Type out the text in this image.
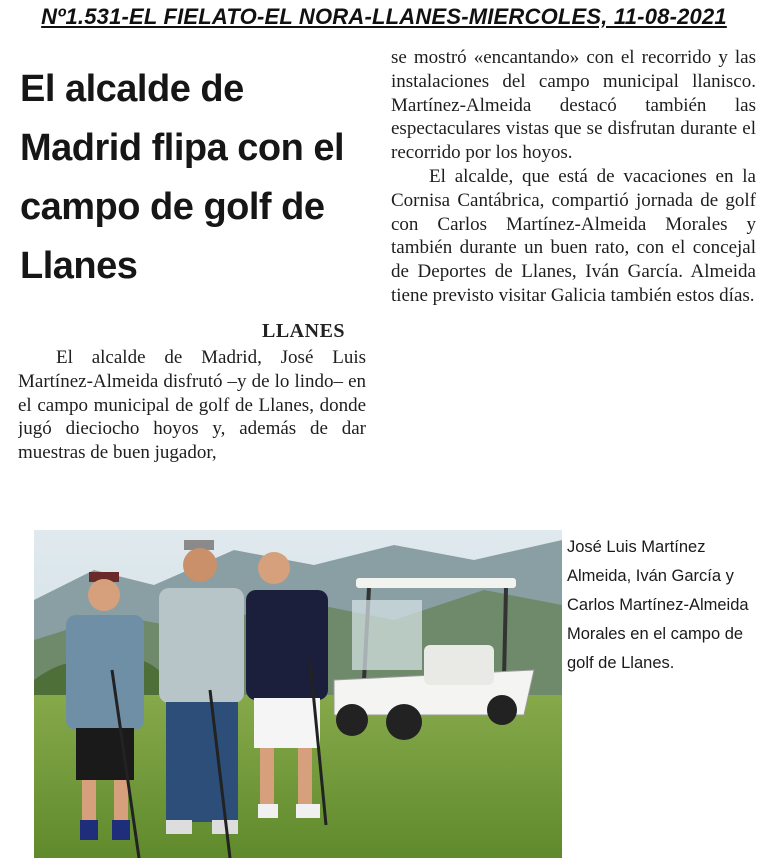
Nº1.531-EL FIELATO-EL NORA-LLANES-MIERCOLES, 11-08-2021
El alcalde de Madrid flipa con el campo de golf de Llanes
LLANES

El alcalde de Madrid, José Luis Martínez-Almeida disfrutó –y de lo lindo– en el campo municipal de golf de Llanes, donde jugó dieciocho hoyos y, además de dar muestras de buen jugador,

se mostró «encantando» con el recorrido y las instalaciones del campo municipal llanisco. Martínez-Almeida destacó también las espectaculares vistas que se disfrutan durante el recorrido por los hoyos.

El alcalde, que está de vacaciones en la Cornisa Cantábrica, compartió jornada de golf con Carlos Martínez-Almeida Morales y también durante un buen rato, con el concejal de Deportes de Llanes, Iván García. Almeida tiene previsto visitar Galicia también estos días.

José Luis Martínez Almeida, Iván García y Carlos Martínez-Almeida Morales en el campo de golf de Llanes.
